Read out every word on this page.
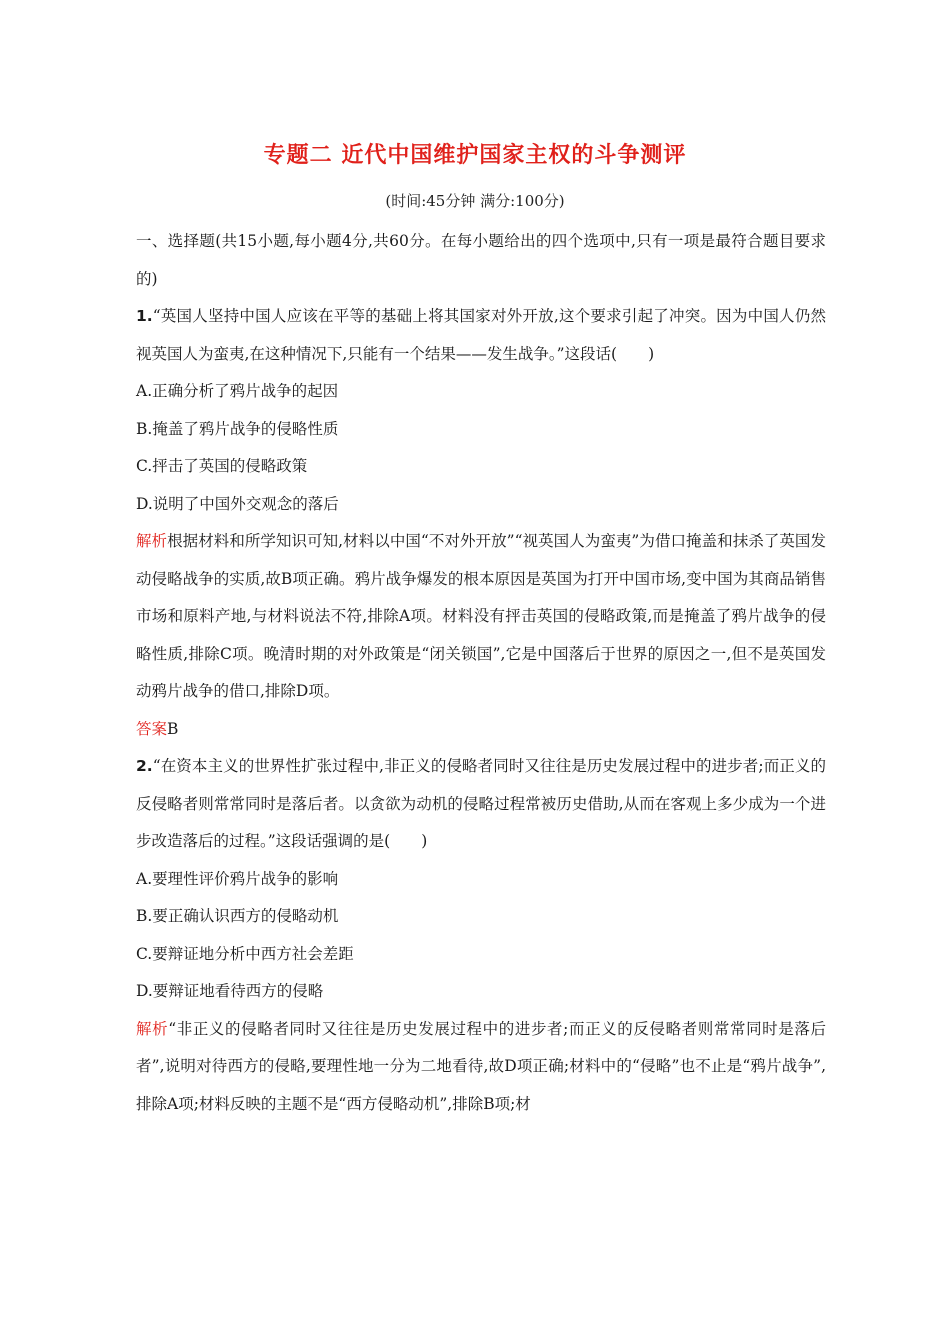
专题二 近代中国维护国家主权的斗争测评
(时间:45分钟 满分:100分)

一、选择题(共15小题,每小题4分,共60分。在每小题给出的四个选项中,只有一项是最符合题目要求的)

1.“英国人坚持中国人应该在平等的基础上将其国家对外开放,这个要求引起了冲突。因为中国人仍然视英国人为蛮夷,在这种情况下,只能有一个结果——发生战争。”这段话(　　)

A.正确分析了鸦片战争的起因

B.掩盖了鸦片战争的侵略性质

C.抨击了英国的侵略政策

D.说明了中国外交观念的落后

解析根据材料和所学知识可知,材料以中国“不对外开放”“视英国人为蛮夷”为借口掩盖和抹杀了英国发动侵略战争的实质,故B项正确。鸦片战争爆发的根本原因是英国为打开中国市场,变中国为其商品销售市场和原料产地,与材料说法不符,排除A项。材料没有抨击英国的侵略政策,而是掩盖了鸦片战争的侵略性质,排除C项。晚清时期的对外政策是“闭关锁国”,它是中国落后于世界的原因之一,但不是英国发动鸦片战争的借口,排除D项。

答案B

2.“在资本主义的世界性扩张过程中,非正义的侵略者同时又往往是历史发展过程中的进步者;而正义的反侵略者则常常同时是落后者。以贪欲为动机的侵略过程常被历史借助,从而在客观上多少成为一个进步改造落后的过程。”这段话强调的是(　　)

A.要理性评价鸦片战争的影响

B.要正确认识西方的侵略动机

C.要辩证地分析中西方社会差距

D.要辩证地看待西方的侵略

解析“非正义的侵略者同时又往往是历史发展过程中的进步者;而正义的反侵略者则常常同时是落后者”,说明对待西方的侵略,要理性地一分为二地看待,故D项正确;材料中的“侵略”也不止是“鸦片战争”,排除A项;材料反映的主题不是“西方侵略动机”,排除B项;材
